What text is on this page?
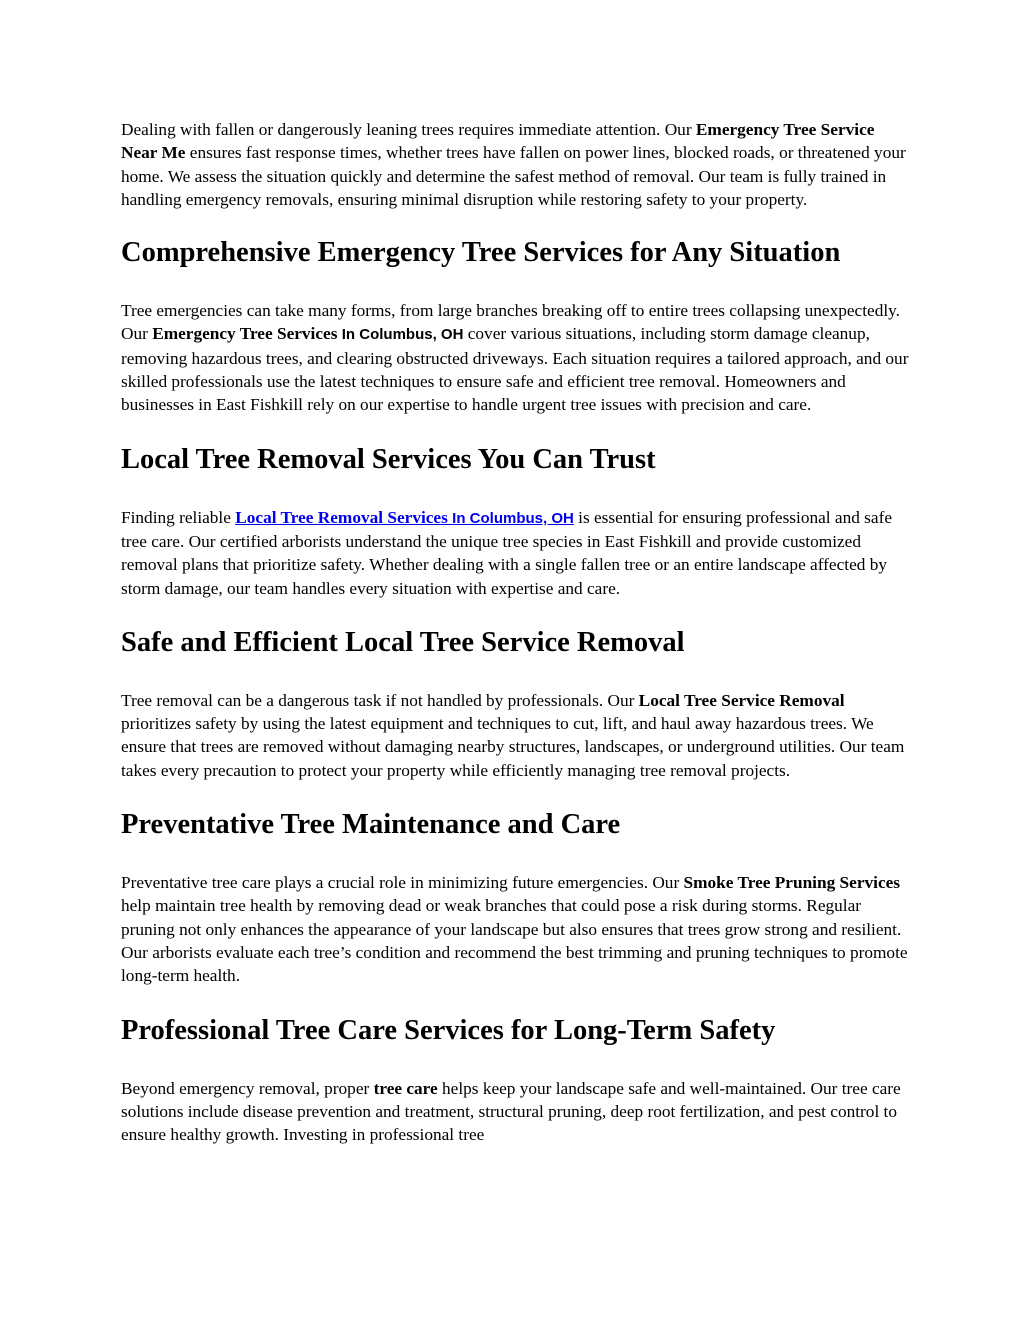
Dealing with fallen or dangerously leaning trees requires immediate attention. Our Emergency Tree Service Near Me ensures fast response times, whether trees have fallen on power lines, blocked roads, or threatened your home. We assess the situation quickly and determine the safest method of removal. Our team is fully trained in handling emergency removals, ensuring minimal disruption while restoring safety to your property.

Comprehensive Emergency Tree Services for Any Situation

Tree emergencies can take many forms, from large branches breaking off to entire trees collapsing unexpectedly. Our Emergency Tree Services In Columbus, OH cover various situations, including storm damage cleanup, removing hazardous trees, and clearing obstructed driveways. Each situation requires a tailored approach, and our skilled professionals use the latest techniques to ensure safe and efficient tree removal. Homeowners and businesses in East Fishkill rely on our expertise to handle urgent tree issues with precision and care.

Local Tree Removal Services You Can Trust

Finding reliable Local Tree Removal Services In Columbus, OH is essential for ensuring professional and safe tree care. Our certified arborists understand the unique tree species in East Fishkill and provide customized removal plans that prioritize safety. Whether dealing with a single fallen tree or an entire landscape affected by storm damage, our team handles every situation with expertise and care.

Safe and Efficient Local Tree Service Removal

Tree removal can be a dangerous task if not handled by professionals. Our Local Tree Service Removal prioritizes safety by using the latest equipment and techniques to cut, lift, and haul away hazardous trees. We ensure that trees are removed without damaging nearby structures, landscapes, or underground utilities. Our team takes every precaution to protect your property while efficiently managing tree removal projects.

Preventative Tree Maintenance and Care

Preventative tree care plays a crucial role in minimizing future emergencies. Our Smoke Tree Pruning Services help maintain tree health by removing dead or weak branches that could pose a risk during storms. Regular pruning not only enhances the appearance of your landscape but also ensures that trees grow strong and resilient. Our arborists evaluate each tree’s condition and recommend the best trimming and pruning techniques to promote long-term health.

Professional Tree Care Services for Long-Term Safety

Beyond emergency removal, proper tree care helps keep your landscape safe and well-maintained. Our tree care solutions include disease prevention and treatment, structural pruning, deep root fertilization, and pest control to ensure healthy growth. Investing in professional tree
